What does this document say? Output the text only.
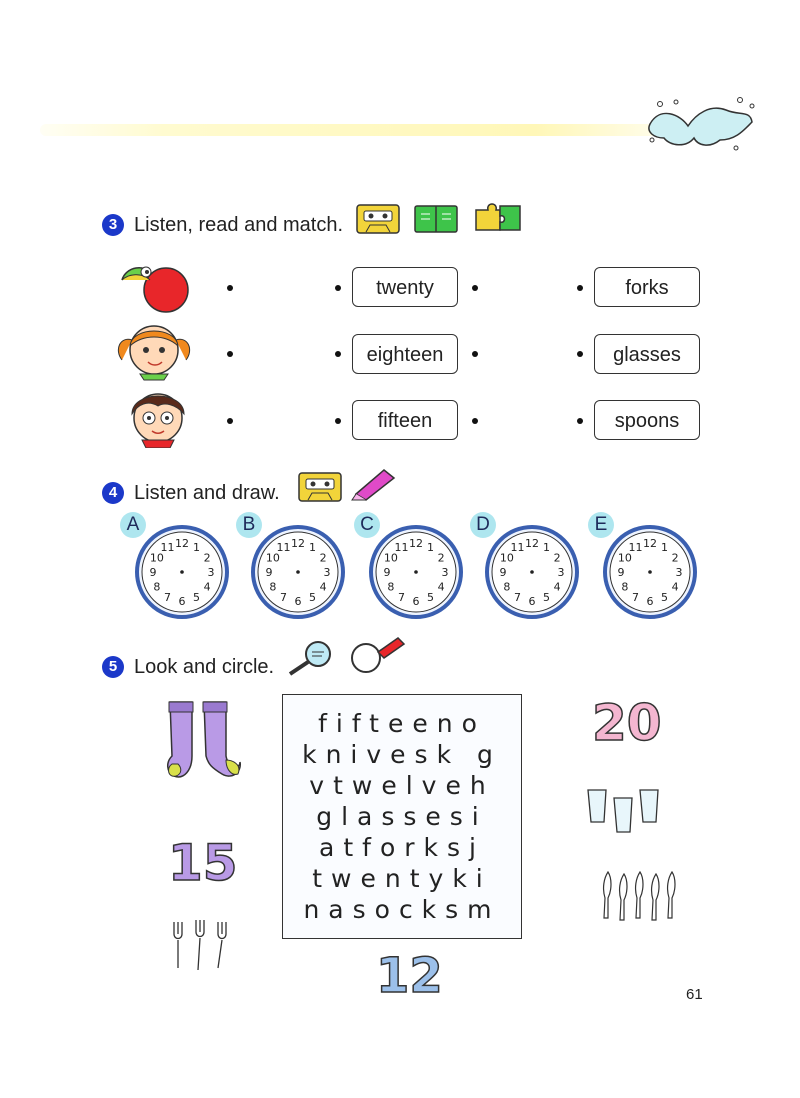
3 Listen, read and match.
twenty	forks
eighteen	glasses
fifteen	spoons
4 Listen and draw.
A
12 1
2
3
4
5
6
7
8
9
10
11
B
12 1
2
3
4
5
6
7
8
9
10
11
C
12 1
2
3
4
5
6
7
8
9
10
11
D
12 1
2
3
4
5
6
7
8
9
10
11
E
12 1
2
3
4
5
6
7
8
9
10
11
5 Look and circle.
15
20
12
fifteeno
knivesk g
vtwelveh
glassesi
atforksj
twentyki
nasocksm
61
